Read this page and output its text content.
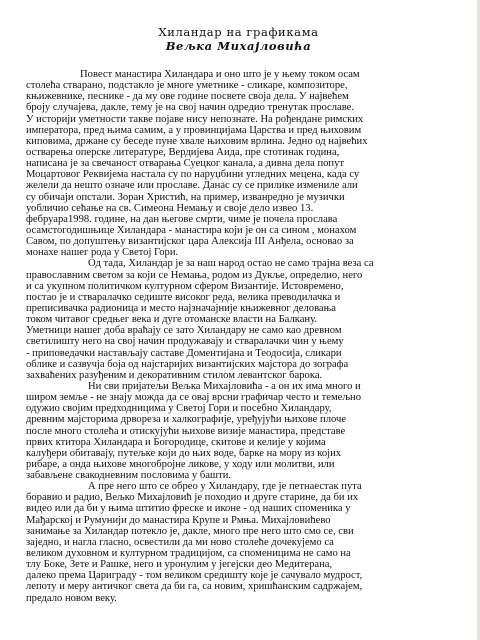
Хиландар на графикама
Вељка Михајловића
Повест манастира Хиландара и оно што је у њему током осам
столећа стварано, подстакло је многе уметнике - сликаре, композиторе,
књижевнике, песнике - да му ове године посвете своја дела. У највећем
броју случајева, дакле, тему је на свој начин одредио тренутак прославе.
У историји уметности такве појаве нису непознате. На рођендане римских
императора, пред њима самим, а у провинцијама Царства и пред њиховим
киповима, држане су беседе пуне хвале њиховим врлина. Једно од највећих
остварења оперске литературе, Вердијева Аида, пре стотинак година,
написана је за свечаност отварања Суецког канала, а дивна дела попут
Моцартовог Реквијема настала су по наруџбини угледних меценa, када су
желели да нешто означе или прославе. Данас су се прилике измениле али
су обичаји опстали. Зоран Христић, на пример, изванредно је музички
уобличио сећање на св. Симеона Немању и своје дело извео 13.
фебруара1998. године, на дан његове смрти, чиме је почела прослава
осамстогодишњице Хиландара - манастира који је он са сином , монахом
Савом, по допуштењу византијског цара Алексија III Анђела, основао за
монахе нашег рода у Светој Гори.
Од тада, Хиландар је за наш народ остао не само трајна веза са
православним светом за који се Немања, родом из Дукље, определио, него
и са укупном политичком културном сфером Византије. Истовремено,
постао је и стваралачко седиште високог реда, велика преводилачка и
преписивачка радионица и место најзначајније књижевног деловања
током читавог средњег века и дуге отоманске власти на Балкану.
Уметници нашег доба враћају се зато Хиландару не само као древном
светилишту него на свој начин продужавају и стваралачки чин у њему
- приповедачки настављају саставе Доментијана и Теодосија, сликари
облике и сазвучја боја од најстаријих византијских мајстора до зографа
захваћених разуђеним и декоративним стилом левантског барока.
Ни сви пријатељи Вељка Михајловића - а он их има много и
широм земље - не знају можда да се овај врсни графичар често и темељно
одужио својим предходницима у Светој Гори и посебно Хиландару,
древним мајсторима дрвореза и халкографије, уређујући њихове плоче
после много столећа и отискујући њихове визије манастира, представе
првих ктитора Хиландара и Богородице, скитове и келије у којима
калуђери обитавају, путељке који до њих воде, барке на мору из којих
рибаре, а онда њихове многобројне ликове, у ходу или молитви, или
забављене свакодневним пословима у башти.
А пре него што се обрео у Хиландару, где је петнаестак пута
боравио и радио, Вељко Михајловић је походио и друге старине, да би их
видео или да би у њима штитио фреске и иконе - од наших споменика у
Мађарској и Румунији до манастира Крупе и Рмња. Михајловићево
занимање за Хиландар потекло је, дакле, много пре него што смо се, сви
заједно, и нагла гласно, освестили да ми ново столеће дочекујемо са
великом духовном и културном традицијом, са споменицима не само на
тлу Боке, Зете и Рашке, него и уронулим у јегејски део Медитерана,
далеко према Цариграду - том великом средишту које је сачувало мудрост,
лепоту и меру античког света да би га, са новим, хришћанским садржајем,
предало новом веку.
